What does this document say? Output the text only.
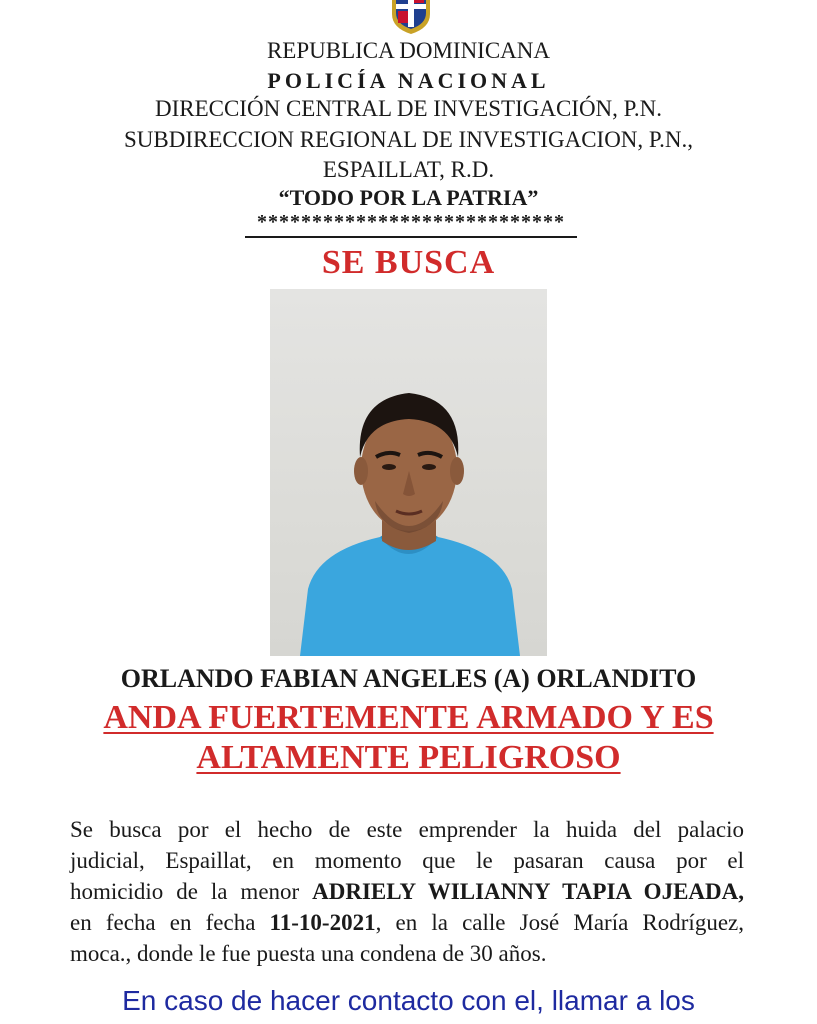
REPUBLICA DOMINICANA
POLICÍA NACIONAL
DIRECCIÓN CENTRAL DE INVESTIGACIÓN, P.N.
SUBDIRECCION REGIONAL DE INVESTIGACION, P.N.,
ESPAILLAT, R.D.
“TODO POR LA PATRIA”
****************************
SE BUSCA
ORLANDO FABIAN ANGELES (A) ORLANDITO
ANDA FUERTEMENTE ARMADO Y ES
ALTAMENTE PELIGROSO
Se busca por el hecho de este emprender la huida del palacio
judicial, Espaillat, en momento que le pasaran causa por el
homicidio de la menor ADRIELY WILIANNY TAPIA OJEADA,
en fecha en fecha 11-10-2021, en la calle José María Rodríguez,
moca., donde le fue puesta una condena de 30 años.
En caso de hacer contacto con el, llamar a los
